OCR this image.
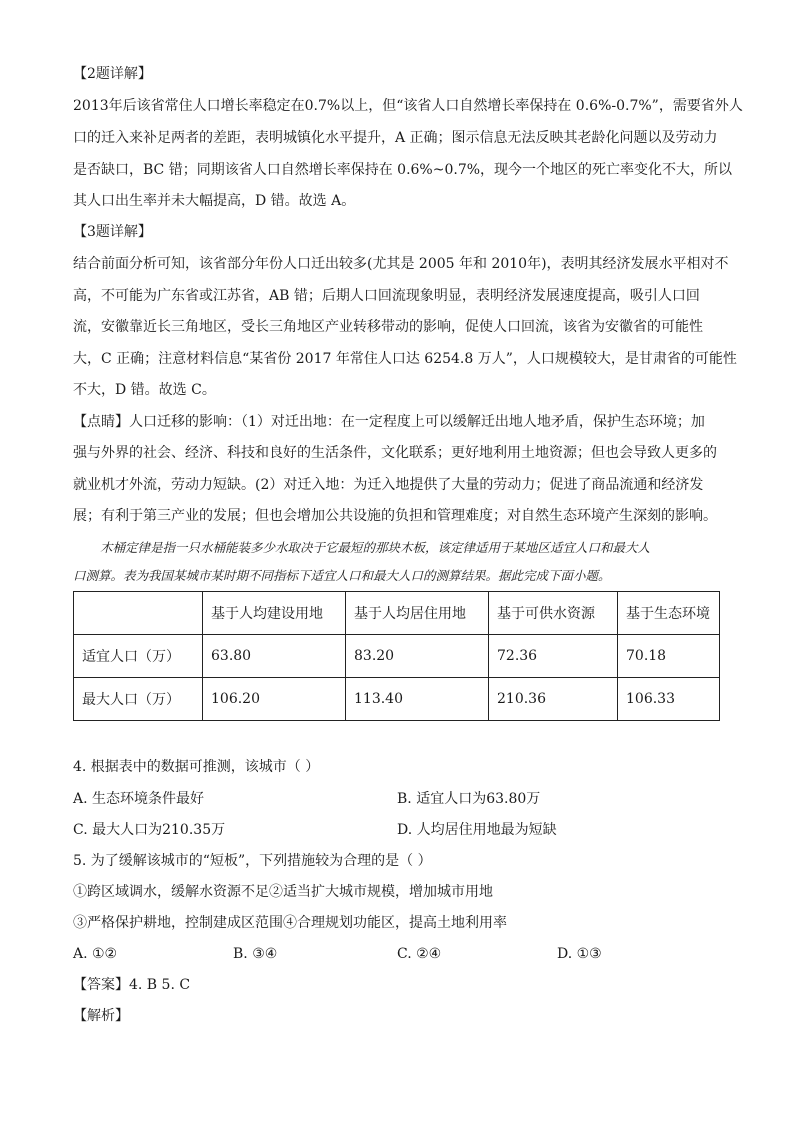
【2题详解】
2013年后该省常住人口增长率稳定在0.7%以上，但“该省人口自然增长率保持在 0.6%-0.7%”，需要省外人
口的迁入来补足两者的差距，表明城镇化水平提升，A 正确；图示信息无法反映其老龄化问题以及劳动力
是否缺口，BC 错；同期该省人口自然增长率保持在 0.6%~0.7%，现今一个地区的死亡率变化不大，所以
其人口出生率并未大幅提高，D 错。故选 A。
【3题详解】
结合前面分析可知，该省部分年份人口迁出较多(尤其是 2005 年和 2010年)，表明其经济发展水平相对不
高，不可能为广东省或江苏省，AB 错；后期人口回流现象明显，表明经济发展速度提高，吸引人口回
流，安徽靠近长三角地区，受长三角地区产业转移带动的影响，促使人口回流，该省为安徽省的可能性
大，C 正确；注意材料信息“某省份 2017 年常住人口达 6254.8 万人”，人口规模较大，是甘肃省的可能性
不大，D 错。故选 C。
【点睛】人口迁移的影响：（1）对迁出地：在一定程度上可以缓解迁出地人地矛盾，保护生态环境；加
强与外界的社会、经济、科技和良好的生活条件，文化联系；更好地利用土地资源；但也会导致人更多的
就业机才外流，劳动力短缺。(2）对迁入地：为迁入地提供了大量的劳动力；促进了商品流通和经济发
展；有利于第三产业的发展；但也会增加公共设施的负担和管理难度；对自然生态环境产生深刻的影响。
木桶定律是指一只水桶能装多少水取决于它最短的那块木板，该定律适用于某地区适宜人口和最大人
口测算。表为我国某城市某时期不同指标下适宜人口和最大人口的测算结果。据此完成下面小题。
	基于人均建设用地	基于人均居住用地	基于可供水资源	基于生态环境
适宜人口（万）	63.80	83.20	72.36	70.18
最大人口（万）	106.20	113.40	210.36	106.33
4. 根据表中的数据可推测，该城市（ ）
A. 生态环境条件最好	B. 适宜人口为63.80万
C. 最大人口为210.35万	D. 人均居住用地最为短缺
5. 为了缓解该城市的“短板”，下列措施较为合理的是（ ）
①跨区域调水，缓解水资源不足②适当扩大城市规模，增加城市用地
③严格保护耕地，控制建成区范围④合理规划功能区，提高土地利用率
A. ①②	B. ③④	C. ②④	D. ①③
【答案】4. B 5. C
【解析】
